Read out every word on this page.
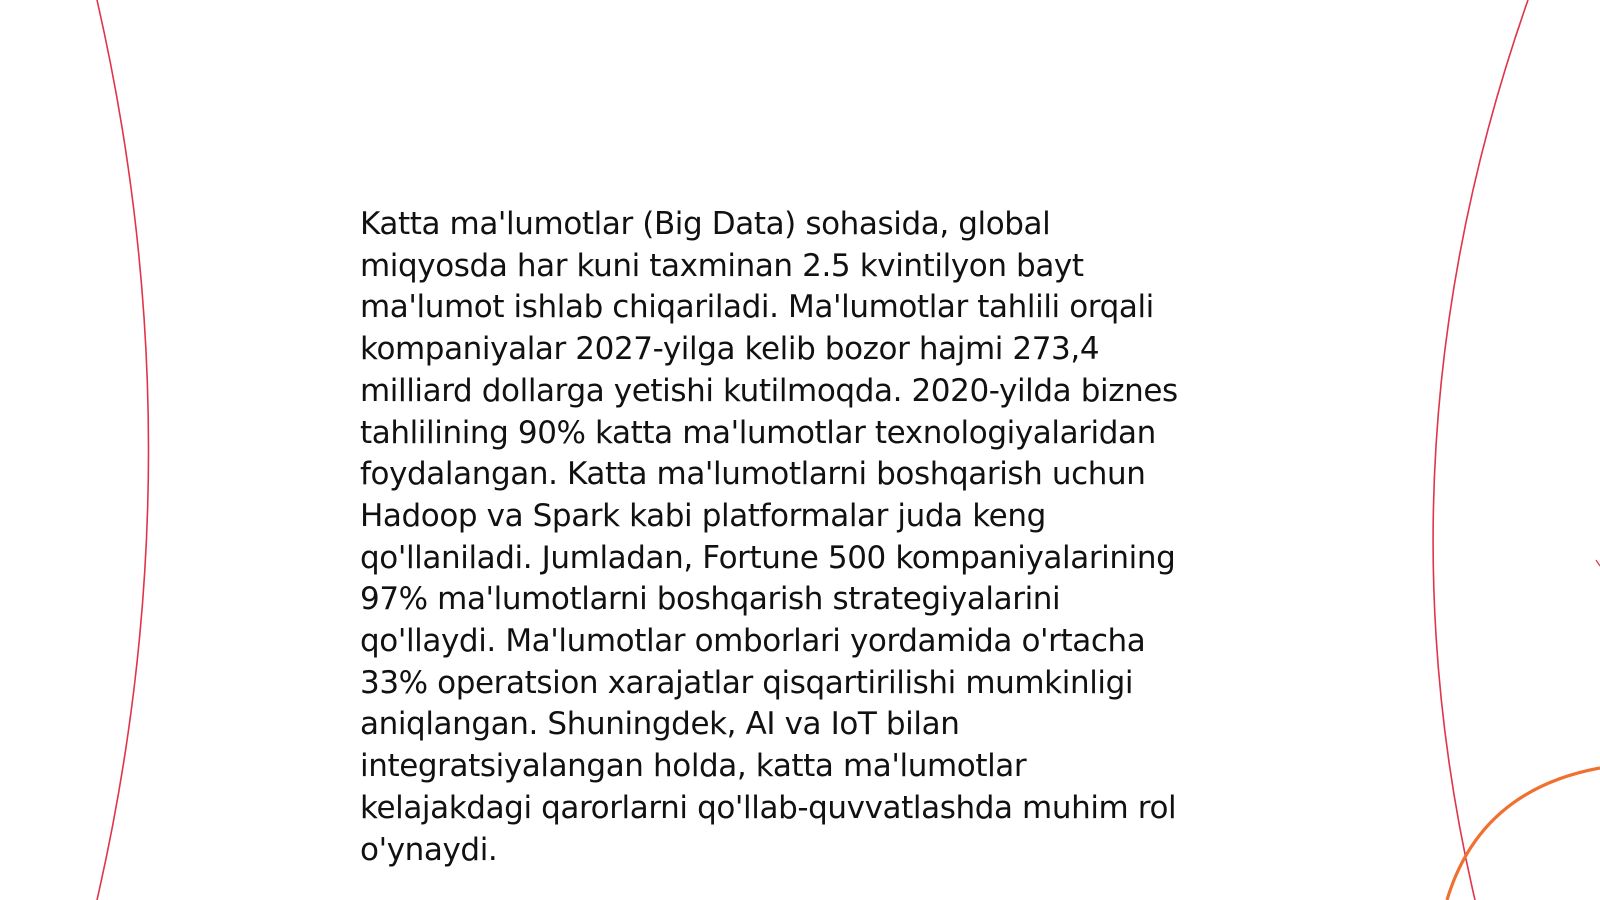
Katta ma'lumotlar (Big Data) sohasida, global
miqyosda har kuni taxminan 2.5 kvintilyon bayt
ma'lumot ishlab chiqariladi. Ma'lumotlar tahlili orqali
kompaniyalar 2027-yilga kelib bozor hajmi 273,4
milliard dollarga yetishi kutilmoqda. 2020-yilda biznes
tahlilining 90% katta ma'lumotlar texnologiyalaridan
foydalangan. Katta ma'lumotlarni boshqarish uchun
Hadoop va Spark kabi platformalar juda keng
qo'llaniladi. Jumladan, Fortune 500 kompaniyalarining
97% ma'lumotlarni boshqarish strategiyalarini
qo'llaydi. Ma'lumotlar omborlari yordamida o'rtacha
33% operatsion xarajatlar qisqartirilishi mumkinligi
aniqlangan. Shuningdek, AI va IoT bilan
integratsiyalangan holda, katta ma'lumotlar
kelajakdagi qarorlarni qo'llab-quvvatlashda muhim rol
o'ynaydi.
